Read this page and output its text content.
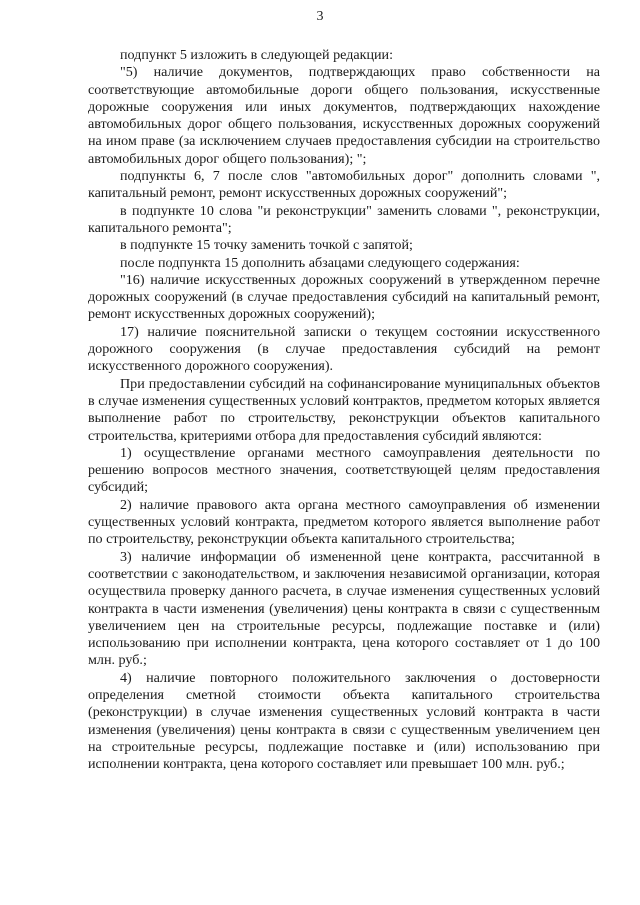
3

подпункт 5 изложить в следующей редакции:

"5) наличие документов, подтверждающих право собственности на соответствующие автомобильные дороги общего пользования, искусственные дорожные сооружения или иных документов, подтверждающих нахождение автомобильных дорог общего пользования, искусственных дорожных сооружений на ином праве (за исключением случаев предоставления субсидии на строительство автомобильных дорог общего пользования); ";

подпункты 6, 7 после слов "автомобильных дорог" дополнить словами ", капитальный ремонт, ремонт искусственных дорожных сооружений";

в подпункте 10 слова "и реконструкции" заменить словами ", реконструкции, капитального ремонта";

в подпункте 15 точку заменить точкой с запятой;

после подпункта 15 дополнить абзацами следующего содержания:

"16) наличие искусственных дорожных сооружений в утвержденном перечне дорожных сооружений (в случае предоставления субсидий на капитальный ремонт, ремонт искусственных дорожных сооружений);

17) наличие пояснительной записки о текущем состоянии искусственного дорожного сооружения (в случае предоставления субсидий на ремонт искусственного дорожного сооружения).

При предоставлении субсидий на софинансирование муниципальных объектов в случае изменения существенных условий контрактов, предметом которых является выполнение работ по строительству, реконструкции объектов капитального строительства, критериями отбора для предоставления субсидий являются:

1) осуществление органами местного самоуправления деятельности по решению вопросов местного значения, соответствующей целям предоставления субсидий;

2) наличие правового акта органа местного самоуправления об изменении существенных условий контракта, предметом которого является выполнение работ по строительству, реконструкции объекта капитального строительства;

3) наличие информации об измененной цене контракта, рассчитанной в соответствии с законодательством, и заключения независимой организации, которая осуществила проверку данного расчета, в случае изменения существенных условий контракта в части изменения (увеличения) цены контракта в связи с существенным увеличением цен на строительные ресурсы, подлежащие поставке и (или) использованию при исполнении контракта, цена которого составляет от 1 до 100 млн. руб.;

4) наличие повторного положительного заключения о достоверности определения сметной стоимости объекта капитального строительства (реконструкции) в случае изменения существенных условий контракта в части изменения (увеличения) цены контракта в связи с существенным увеличением цен на строительные ресурсы, подлежащие поставке и (или) использованию при исполнении контракта, цена которого составляет или превышает 100 млн. руб.;
